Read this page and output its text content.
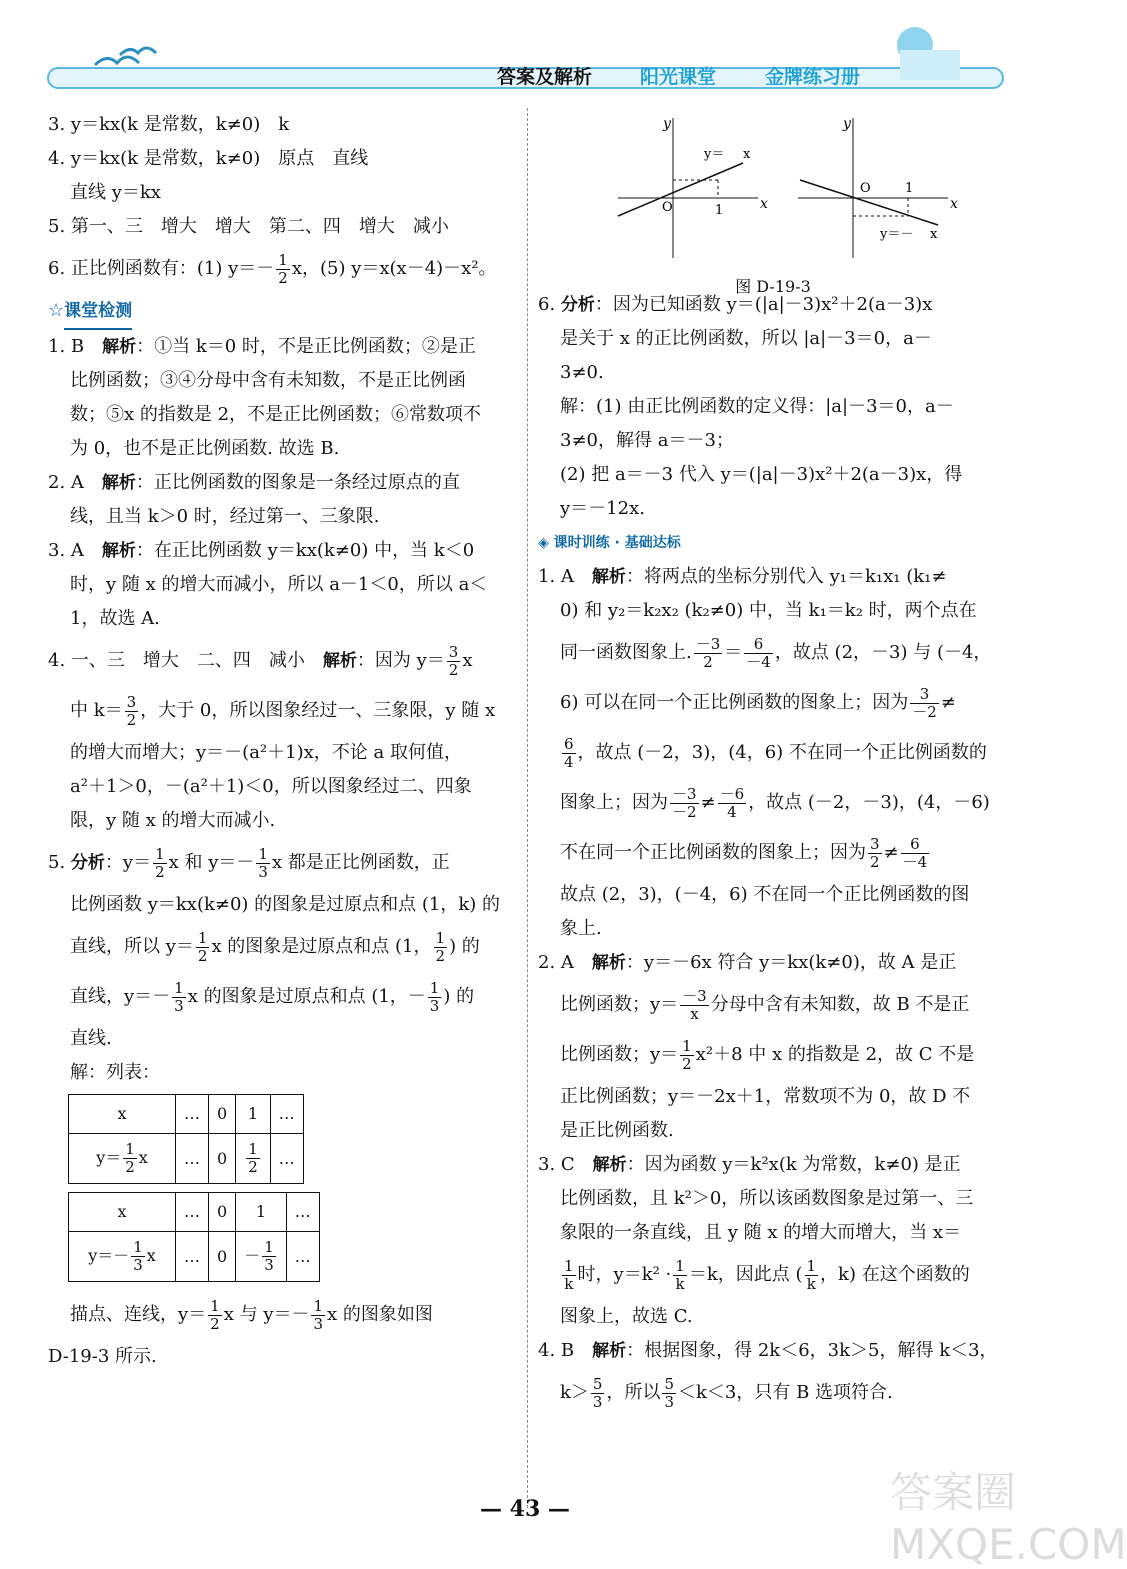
答案及解析	阳光课堂	金牌练习册
3. y＝kx(k 是常数，k≠0)　k
4. y＝kx(k 是常数，k≠0)　原点　直线
直线 y＝kx
5. 第一、三　增大　增大　第二、四　增大　减小
6. 正比例函数有：(1) $y=- \frac{1}{2}$ x，(5) y＝x(x－4)－x²。
☆课堂检测
1. B　解析：①当 k＝0 时，不是正比例函数；②是正
比例函数；③④分母中含有未知数，不是正比例函
数；⑤x 的指数是 2，不是正比例函数；⑥常数项不
为 0，也不是正比例函数. 故选 B.
2. A　解析：正比例函数的图象是一条经过原点的直
线，且当 k＞0 时，经过第一、三象限.
3. A　解析：在正比例函数 y＝kx(k≠0) 中，当 k＜0
时，y 随 x 的增大而减小，所以 a－1＜0，所以 a＜
1，故选 A.
4. 一、三　增大　二、四　减小　解析：因为 $y= \frac{3}{2}$ x
中 $k= \frac{3}{2}$ ，大于 0，所以图象经过一、三象限，y 随 x
的增大而增大；y＝－(a²＋1)x，不论 a 取何值，
a²＋1＞0，－(a²＋1)＜0，所以图象经过二、四象
限，y 随 x 的增大而减小.
5. 分析：$y= \frac{1}{2}$ x 和 $y=- \frac{1}{3}$ x 都是正比例函数，正
比例函数 y＝kx(k≠0) 的图象是过原点和点 (1，k) 的
直线，所以 $y= \frac{1}{2}$ x 的图象是过原点和点 (1， $\frac{1}{2}$ ) 的
直线，$y=- \frac{1}{3}$ x 的图象是过原点和点 (1，－ $\frac{1}{3}$ ) 的
直线.
解：列表：
x	…	0	1	…
$y= \frac{1}{2}$ x	…	0	$\frac{1}{2}$	…
x	…	0	1	…
$y=- \frac{1}{3}$ x	…	0	－ $\frac{1}{3}$	…
描点、连线，$y= \frac{1}{2}$ x 与 $y=- \frac{1}{3}$ x 的图象如图
D-19-3 所示.
y
x
O	1
y＝ x
y
x
O	1
y＝－ x
图 D-19-3
6. 分析：因为已知函数 y＝(|a|－3)x²＋2(a－3)x
是关于 x 的正比例函数，所以 |a|－3＝0，a－
3≠0.
解：(1) 由正比例函数的定义得：|a|－3＝0，a－
3≠0，解得 a＝－3；
(2) 把 a＝－3 代入 y＝(|a|－3)x²＋2(a－3)x，得
y＝－12x.
◈ 课时训练 · 基础达标
1. A　解析：将两点的坐标分别代入 y₁＝k₁x₁ (k₁≠
0) 和 y₂＝k₂x₂ (k₂≠0) 中，当 k₁＝k₂ 时，两个点在
同一函数图象上. $\frac{-3}{2} = \frac{6}{-4}$ ，故点 (2，－3) 与 (－4，
6) 可以在同一个正比例函数的图象上；因为 $\frac{3}{-2}$ ≠
$\frac{6}{4}$ ，故点 (－2，3)，(4，6) 不在同一个正比例函数的
图象上；因为 $\frac{-3}{-2} \ne \frac{-6}{4}$ ，故点 (－2，－3)，(4，－6)
不在同一个正比例函数的图象上；因为 $\frac{3}{2} \ne \frac{6}{-4}$
故点 (2，3)，(－4，6) 不在同一个正比例函数的图
象上.
2. A　解析：y＝－6x 符合 y＝kx(k≠0)，故 A 是正
比例函数；$y= \frac{-3}{x}$ 分母中含有未知数，故 B 不是正
比例函数；$y= \frac{1}{2} x^2+8$ 中 x 的指数是 2，故 C 不是
正比例函数；y＝－2x＋1，常数项不为 0，故 D 不
是正比例函数.
3. C　解析：因为函数 y＝k²x(k 为常数，k≠0) 是正
比例函数，且 k²＞0，所以该函数图象是过第一、三
象限的一条直线，且 y 随 x 的增大而增大，当 x＝
$\frac{1}{k}$ 时，$y=k^2 \cdot \frac{1}{k} =k$，因此点 ( $\frac{1}{k}$ ，k) 在这个函数的
图象上，故选 C.
4. B　解析：根据图象，得 2k＜6，3k＞5，解得 k＜3，
$k> \frac{5}{3}$ ，所以 $\frac{5}{3} <k<3$，只有 B 选项符合.
— 43 —	答案圈 MXQE.COM
